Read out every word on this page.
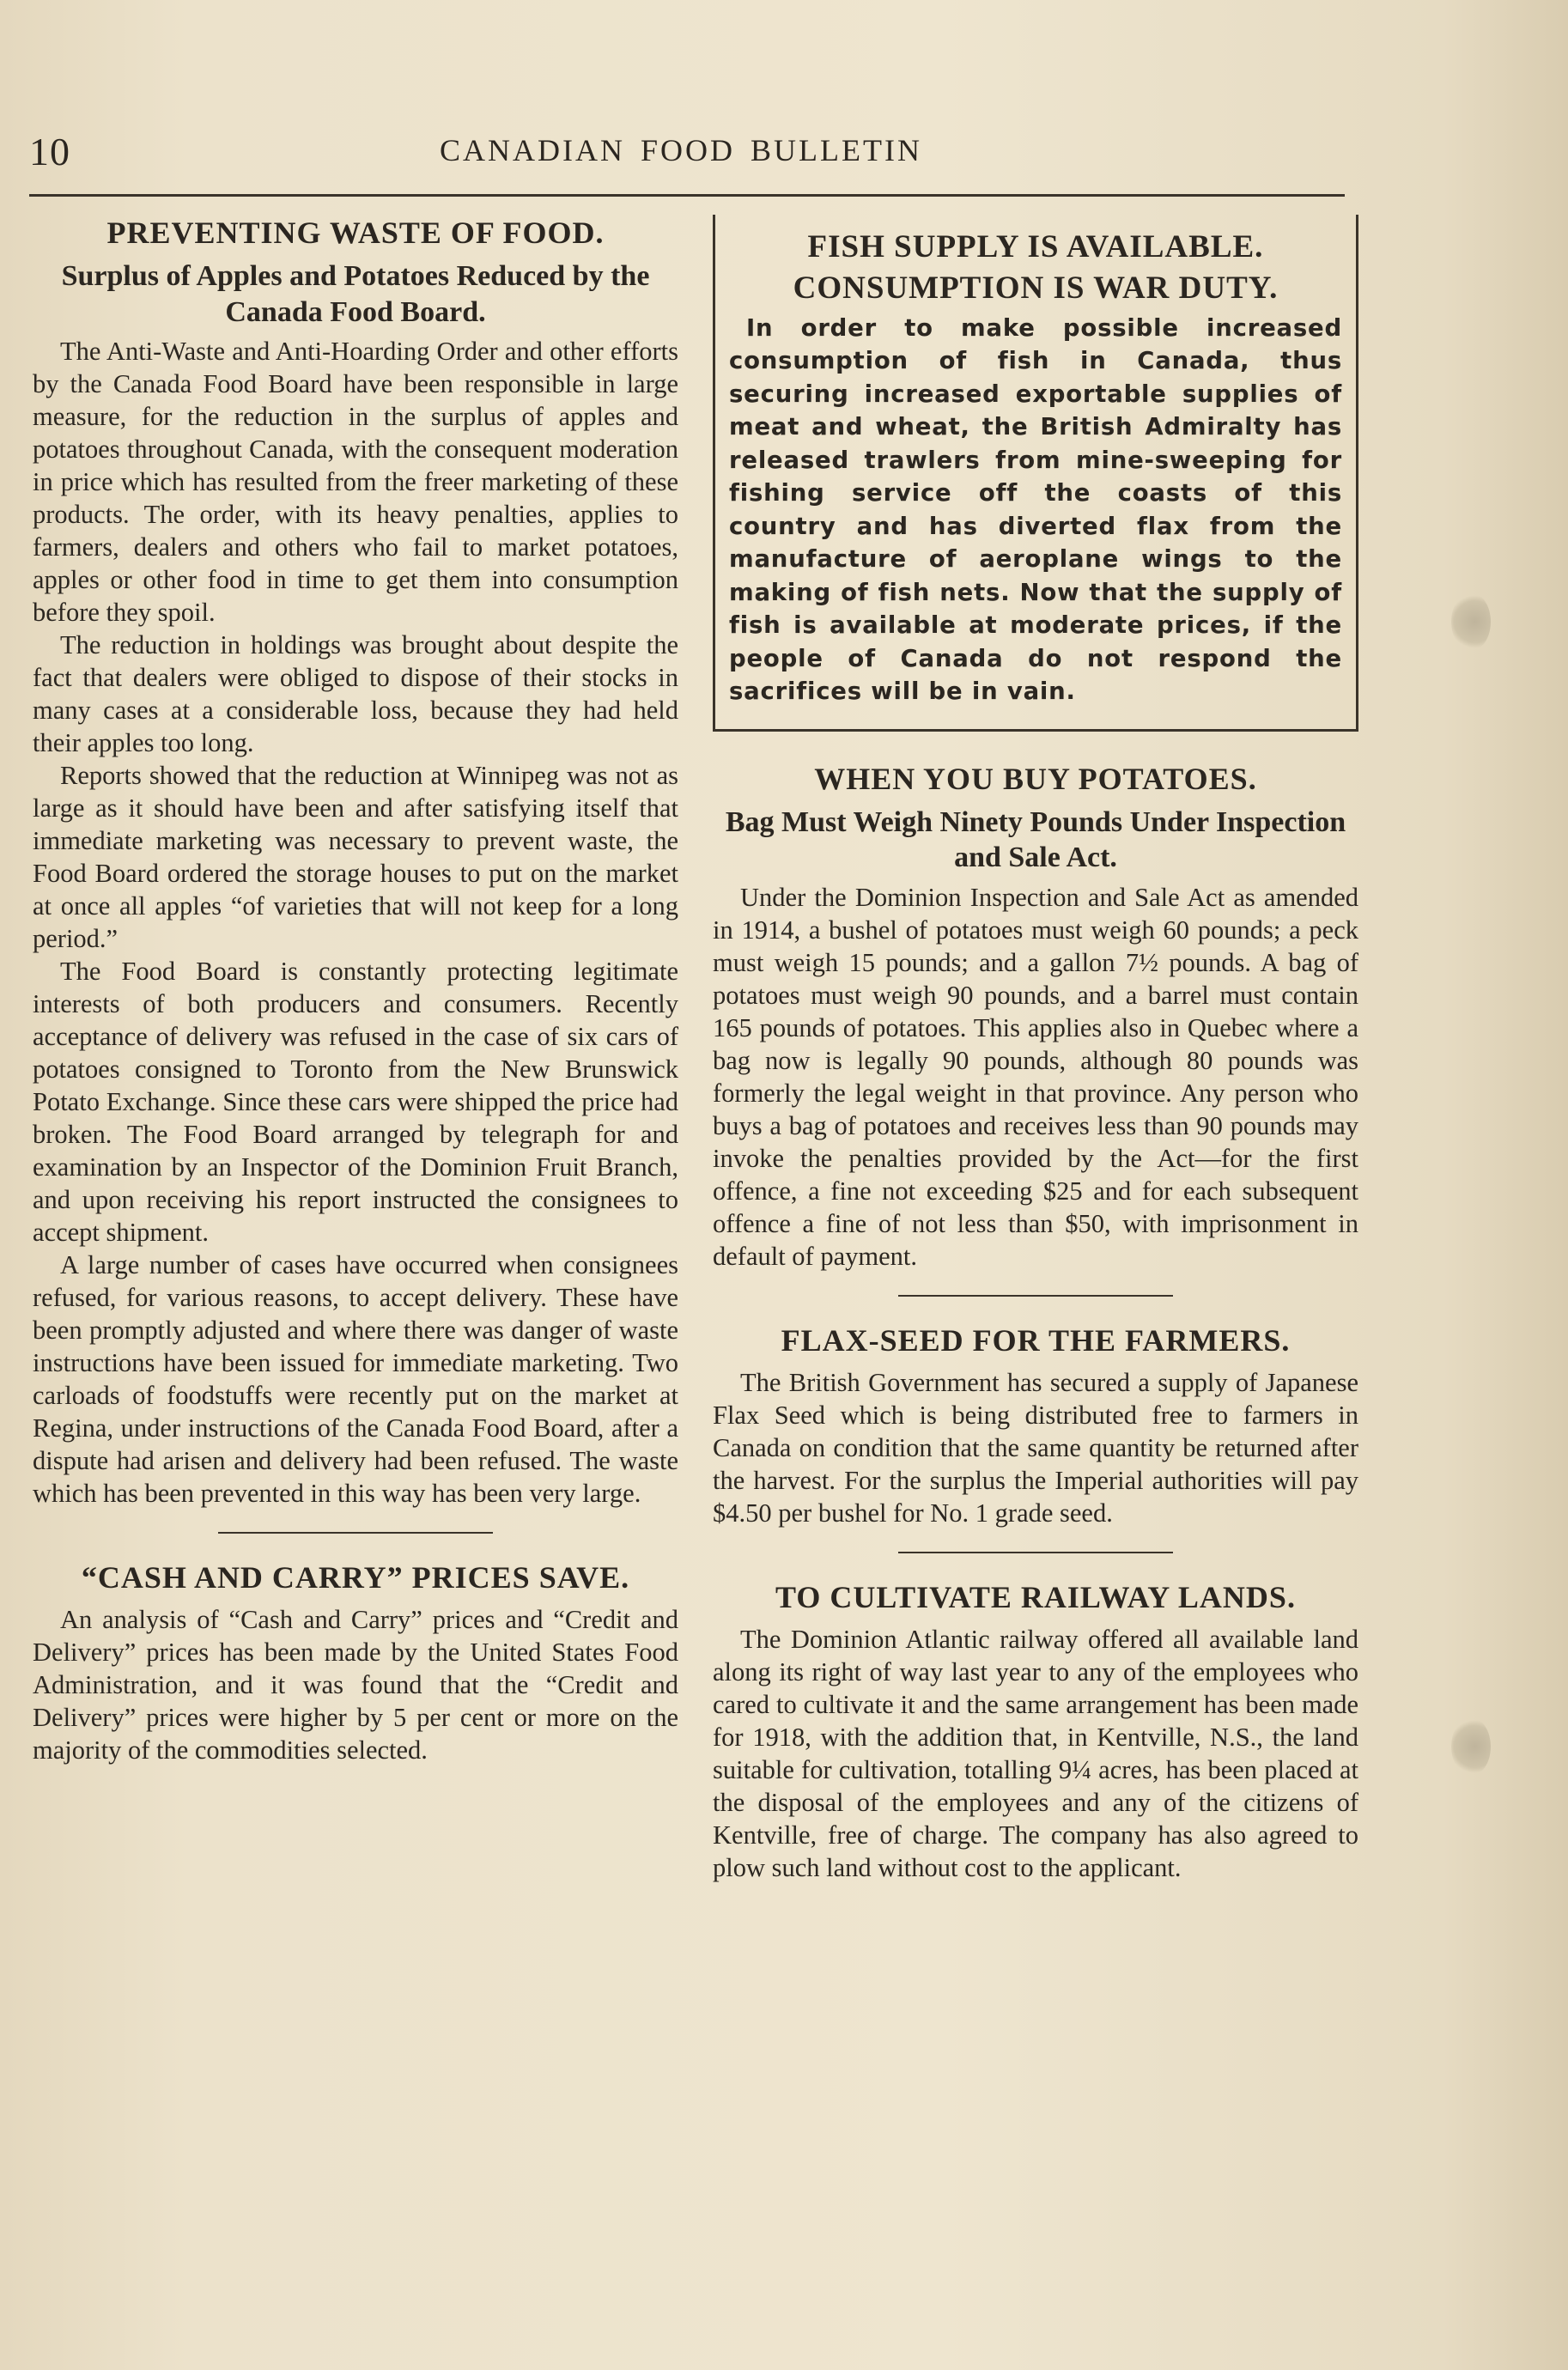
10	CANADIAN FOOD BULLETIN
PREVENTING WASTE OF FOOD.
Surplus of Apples and Potatoes Reduced by the Canada Food Board.

The Anti-Waste and Anti-Hoarding Order and other efforts by the Canada Food Board have been responsible in large measure, for the reduction in the surplus of apples and potatoes throughout Canada, with the consequent moderation in price which has resulted from the freer marketing of these products. The order, with its heavy penalties, applies to farmers, dealers and others who fail to market potatoes, apples or other food in time to get them into consumption before they spoil.

The reduction in holdings was brought about despite the fact that dealers were obliged to dispose of their stocks in many cases at a considerable loss, because they had held their apples too long.

Reports showed that the reduction at Winnipeg was not as large as it should have been and after satisfying itself that immediate marketing was necessary to prevent waste, the Food Board ordered the storage houses to put on the market at once all apples “of varieties that will not keep for a long period.”

The Food Board is constantly protecting legitimate interests of both producers and consumers. Recently acceptance of delivery was refused in the case of six cars of potatoes consigned to Toronto from the New Brunswick Potato Exchange. Since these cars were shipped the price had broken. The Food Board arranged by telegraph for and examination by an Inspector of the Dominion Fruit Branch, and upon receiving his report instructed the consignees to accept shipment.

A large number of cases have occurred when consignees refused, for various reasons, to accept delivery. These have been promptly adjusted and where there was danger of waste instructions have been issued for immediate marketing. Two carloads of foodstuffs were recently put on the market at Regina, under instructions of the Canada Food Board, after a dispute had arisen and delivery had been refused. The waste which has been prevented in this way has been very large.

“CASH AND CARRY” PRICES SAVE.

An analysis of “Cash and Carry” prices and “Credit and Delivery” prices has been made by the United States Food Administration, and it was found that the “Credit and Delivery” prices were higher by 5 per cent or more on the majority of the commodities selected.

FISH SUPPLY IS AVAILABLE.
CONSUMPTION IS WAR DUTY.

In order to make possible increased consumption of fish in Canada, thus securing increased exportable supplies of meat and wheat, the British Admiralty has released trawlers from mine-sweeping for fishing service off the coasts of this country and has diverted flax from the manufacture of aeroplane wings to the making of fish nets. Now that the supply of fish is available at moderate prices, if the people of Canada do not respond the sacrifices will be in vain.

WHEN YOU BUY POTATOES.
Bag Must Weigh Ninety Pounds Under Inspection and Sale Act.

Under the Dominion Inspection and Sale Act as amended in 1914, a bushel of potatoes must weigh 60 pounds; a peck must weigh 15 pounds; and a gallon 7½ pounds. A bag of potatoes must weigh 90 pounds, and a barrel must contain 165 pounds of potatoes. This applies also in Quebec where a bag now is legally 90 pounds, although 80 pounds was formerly the legal weight in that province. Any person who buys a bag of potatoes and receives less than 90 pounds may invoke the penalties provided by the Act—for the first offence, a fine not exceeding $25 and for each subsequent offence a fine of not less than $50, with imprisonment in default of payment.

FLAX-SEED FOR THE FARMERS.

The British Government has secured a supply of Japanese Flax Seed which is being distributed free to farmers in Canada on condition that the same quantity be returned after the harvest. For the surplus the Imperial authorities will pay $4.50 per bushel for No. 1 grade seed.

TO CULTIVATE RAILWAY LANDS.

The Dominion Atlantic railway offered all available land along its right of way last year to any of the employees who cared to cultivate it and the same arrangement has been made for 1918, with the addition that, in Kentville, N.S., the land suitable for cultivation, totalling 9¼ acres, has been placed at the disposal of the employees and any of the citizens of Kentville, free of charge. The company has also agreed to plow such land without cost to the applicant.
